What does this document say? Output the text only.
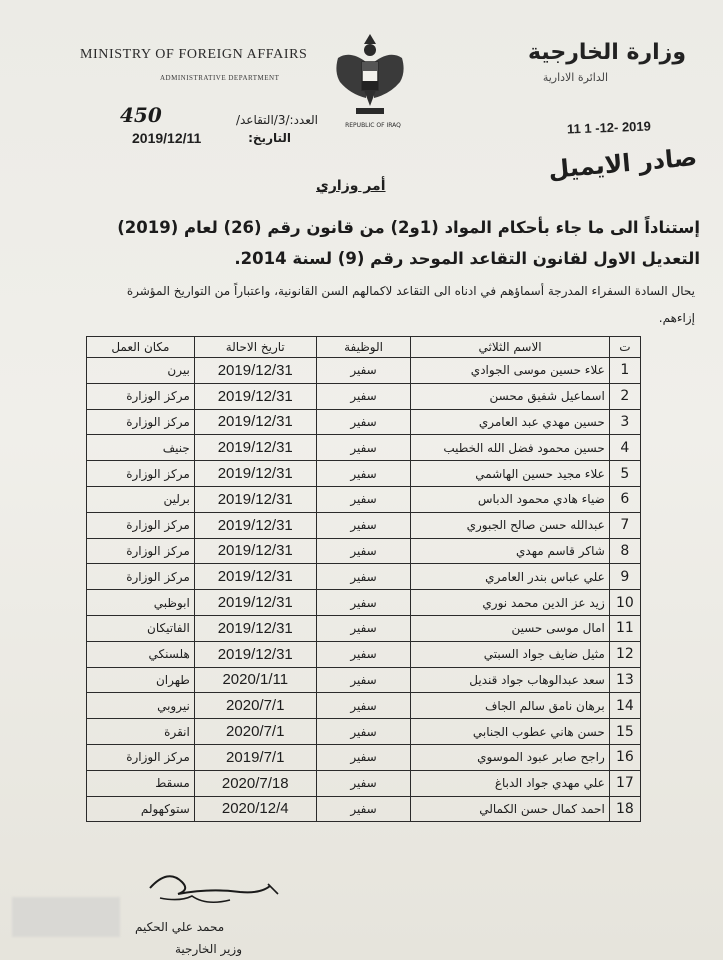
MINISTRY OF FOREIGN AFFAIRS
ADMINISTRATIVE DEPARTMENT
وزارة الخارجية
الدائرة الادارية
REPUBLIC OF IRAQ
العدد:/3/التقاعد/
450
التاريخ:
2019/12/11
11 1 -12- 2019
صادر الايميل
أمر وزاري
إستناداً الى ما جاء بأحكام المواد (1و2) من قانون رقم (26) لعام (2019) التعديل الاول لقانون التقاعد الموحد رقم (9) لسنة 2014.
يحال السادة السفراء المدرجة أسماؤهم في ادناه الى التقاعد لاكمالهم السن القانونية، واعتباراً من التواريخ المؤشرة إزاءهم.
ت	الاسم الثلاثي	الوظيفة	تاريخ الاحالة	مكان العمل
1	علاء حسين موسى الجوادي	سفير	2019/12/31	بيرن
2	اسماعيل شفيق محسن	سفير	2019/12/31	مركز الوزارة
3	حسين مهدي عبد العامري	سفير	2019/12/31	مركز الوزارة
4	حسين محمود فضل الله الخطيب	سفير	2019/12/31	جنيف
5	علاء مجيد حسين الهاشمي	سفير	2019/12/31	مركز الوزارة
6	ضياء هادي محمود الدباس	سفير	2019/12/31	برلين
7	عبدالله حسن صالح الجبوري	سفير	2019/12/31	مركز الوزارة
8	شاكر قاسم مهدي	سفير	2019/12/31	مركز الوزارة
9	علي عباس بندر العامري	سفير	2019/12/31	مركز الوزارة
10	زيد عز الدين محمد نوري	سفير	2019/12/31	ابوظبي
11	امال موسى حسين	سفير	2019/12/31	الفاتيكان
12	مثيل ضايف جواد السبتي	سفير	2019/12/31	هلسنكي
13	سعد عبدالوهاب جواد قنديل	سفير	2020/1/11	طهران
14	برهان نامق سالم الجاف	سفير	2020/7/1	نيروبي
15	حسن هاني عطوب الجنابي	سفير	2020/7/1	انقرة
16	راجح صابر عبود الموسوي	سفير	2019/7/1	مركز الوزارة
17	علي مهدي جواد الدباغ	سفير	2020/7/18	مسقط
18	احمد كمال حسن الكمالي	سفير	2020/12/4	ستوكهولم
محمد علي الحكيم
وزير الخارجية
